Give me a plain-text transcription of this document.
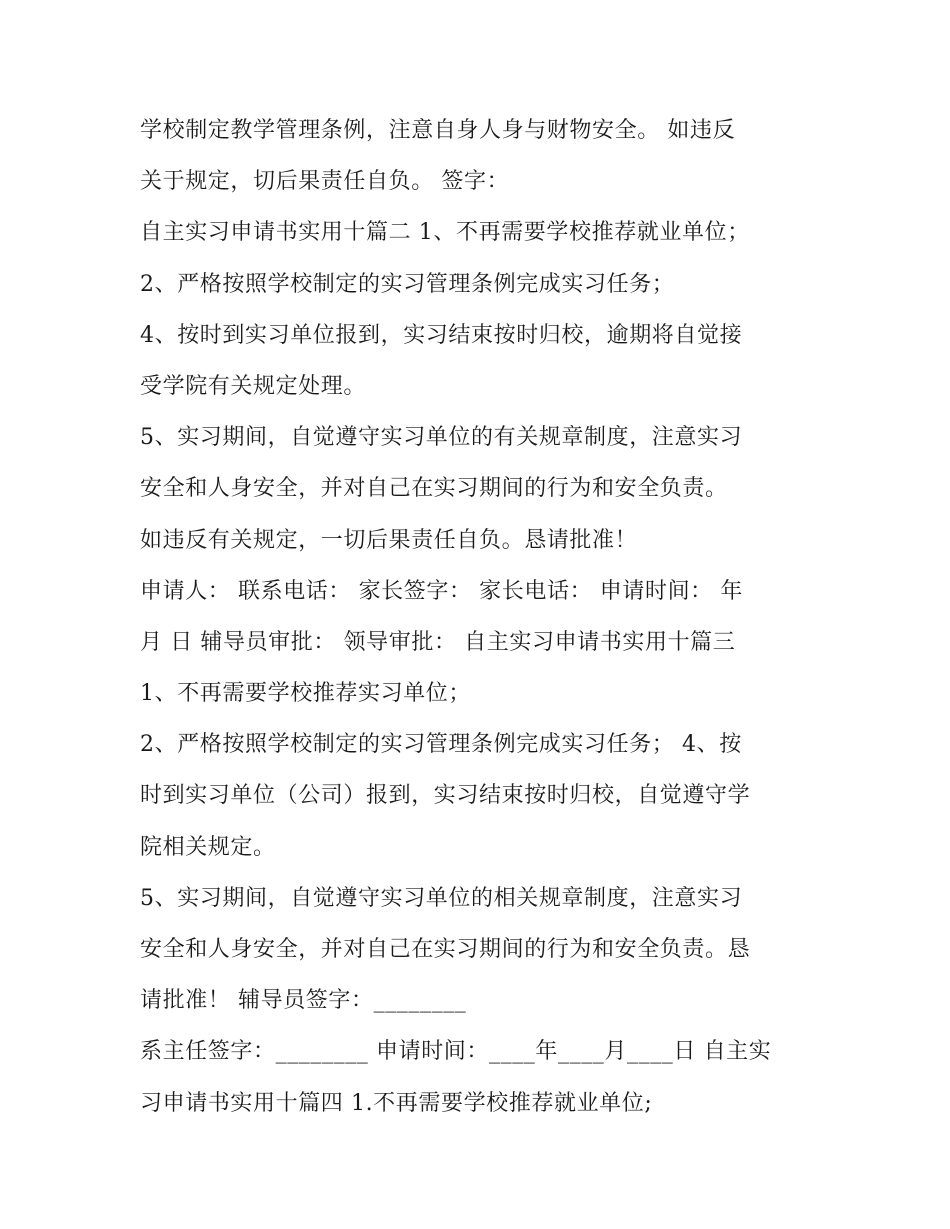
学校制定教学管理条例，注意自身人身与财物安全。 如违反
关于规定，切后果责任自负。 签字：
自主实习申请书实用十篇二 1、不再需要学校推荐就业单位；
2、严格按照学校制定的实习管理条例完成实习任务；
4、按时到实习单位报到，实习结束按时归校，逾期将自觉接
受学院有关规定处理。
5、实习期间，自觉遵守实习单位的有关规章制度，注意实习
安全和人身安全，并对自己在实习期间的行为和安全负责。
如违反有关规定，一切后果责任自负。恳请批准！
申请人： 联系电话： 家长签字： 家长电话： 申请时间： 年
月 日 辅导员审批： 领导审批： 自主实习申请书实用十篇三
1、不再需要学校推荐实习单位；
2、严格按照学校制定的实习管理条例完成实习任务； 4、按
时到实习单位（公司）报到，实习结束按时归校，自觉遵守学
院相关规定。
5、实习期间，自觉遵守实习单位的相关规章制度，注意实习
安全和人身安全，并对自己在实习期间的行为和安全负责。恳
请批准！ 辅导员签字：________
系主任签字：________ 申请时间：____年____月____日 自主实
习申请书实用十篇四 1.不再需要学校推荐就业单位;
